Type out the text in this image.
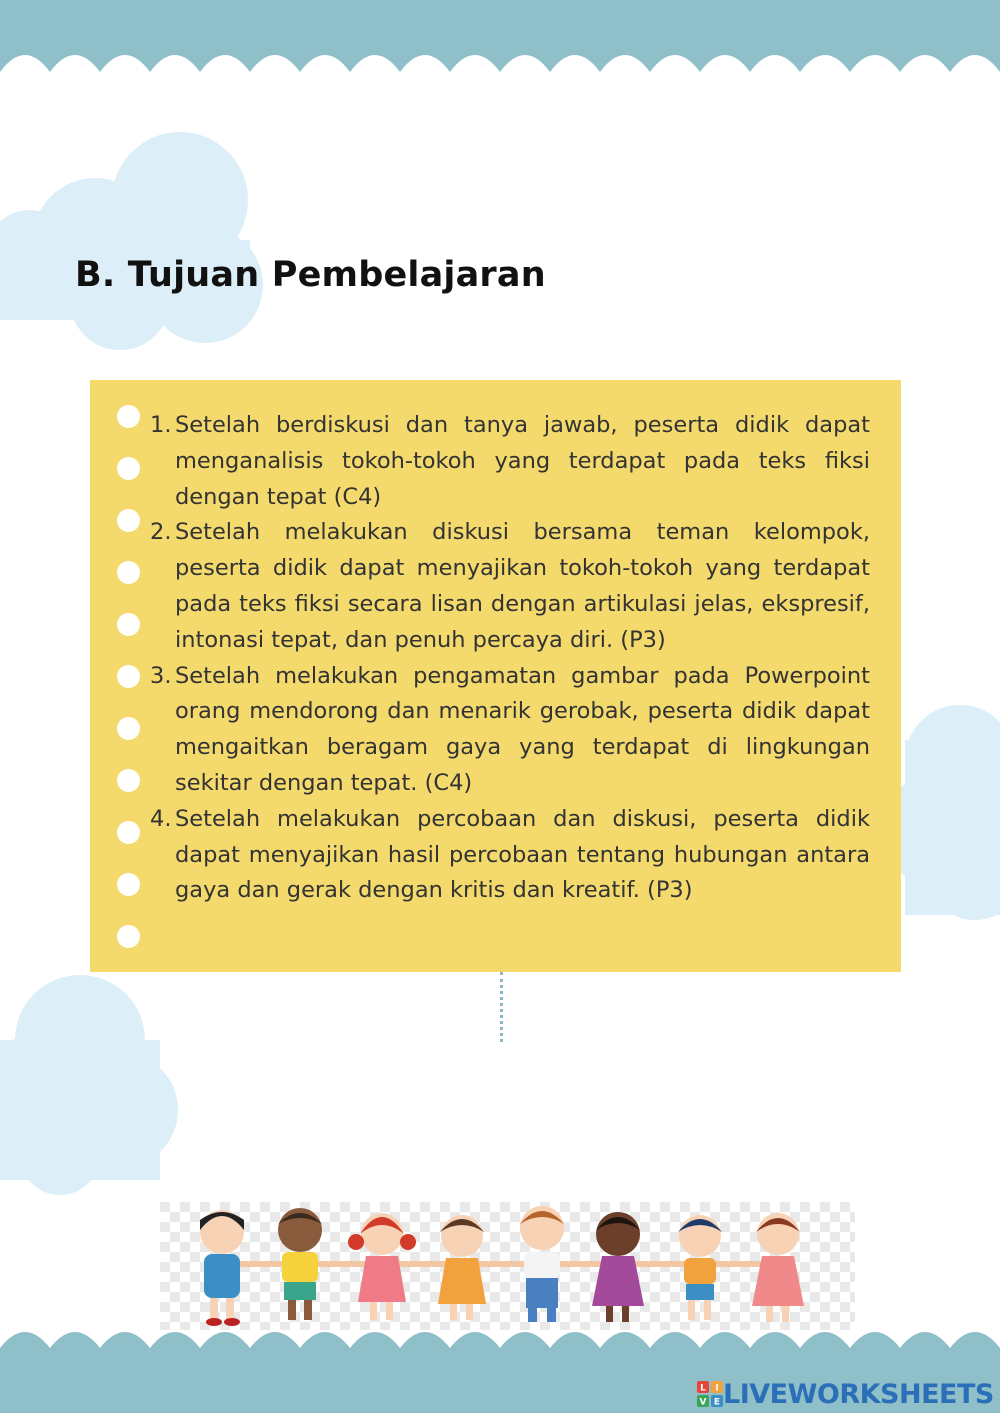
B. Tujuan Pembelajaran
1. Setelah berdiskusi dan tanya jawab, peserta didik dapat menganalisis tokoh-tokoh yang terdapat pada teks fiksi dengan tepat (C4)
2. Setelah melakukan diskusi bersama teman kelompok, peserta didik dapat menyajikan tokoh-tokoh yang terdapat pada teks fiksi secara lisan dengan artikulasi jelas, ekspresif, intonasi tepat, dan penuh percaya diri. (P3)
3. Setelah melakukan pengamatan gambar pada Powerpoint orang mendorong dan menarik gerobak, peserta didik dapat mengaitkan beragam gaya yang terdapat di lingkungan sekitar dengan tepat. (C4)
4. Setelah melakukan percobaan dan diskusi, peserta didik dapat menyajikan hasil percobaan tentang hubungan antara gaya dan gerak dengan kritis dan kreatif. (P3)
L I
V E LIVEWORKSHEETS
